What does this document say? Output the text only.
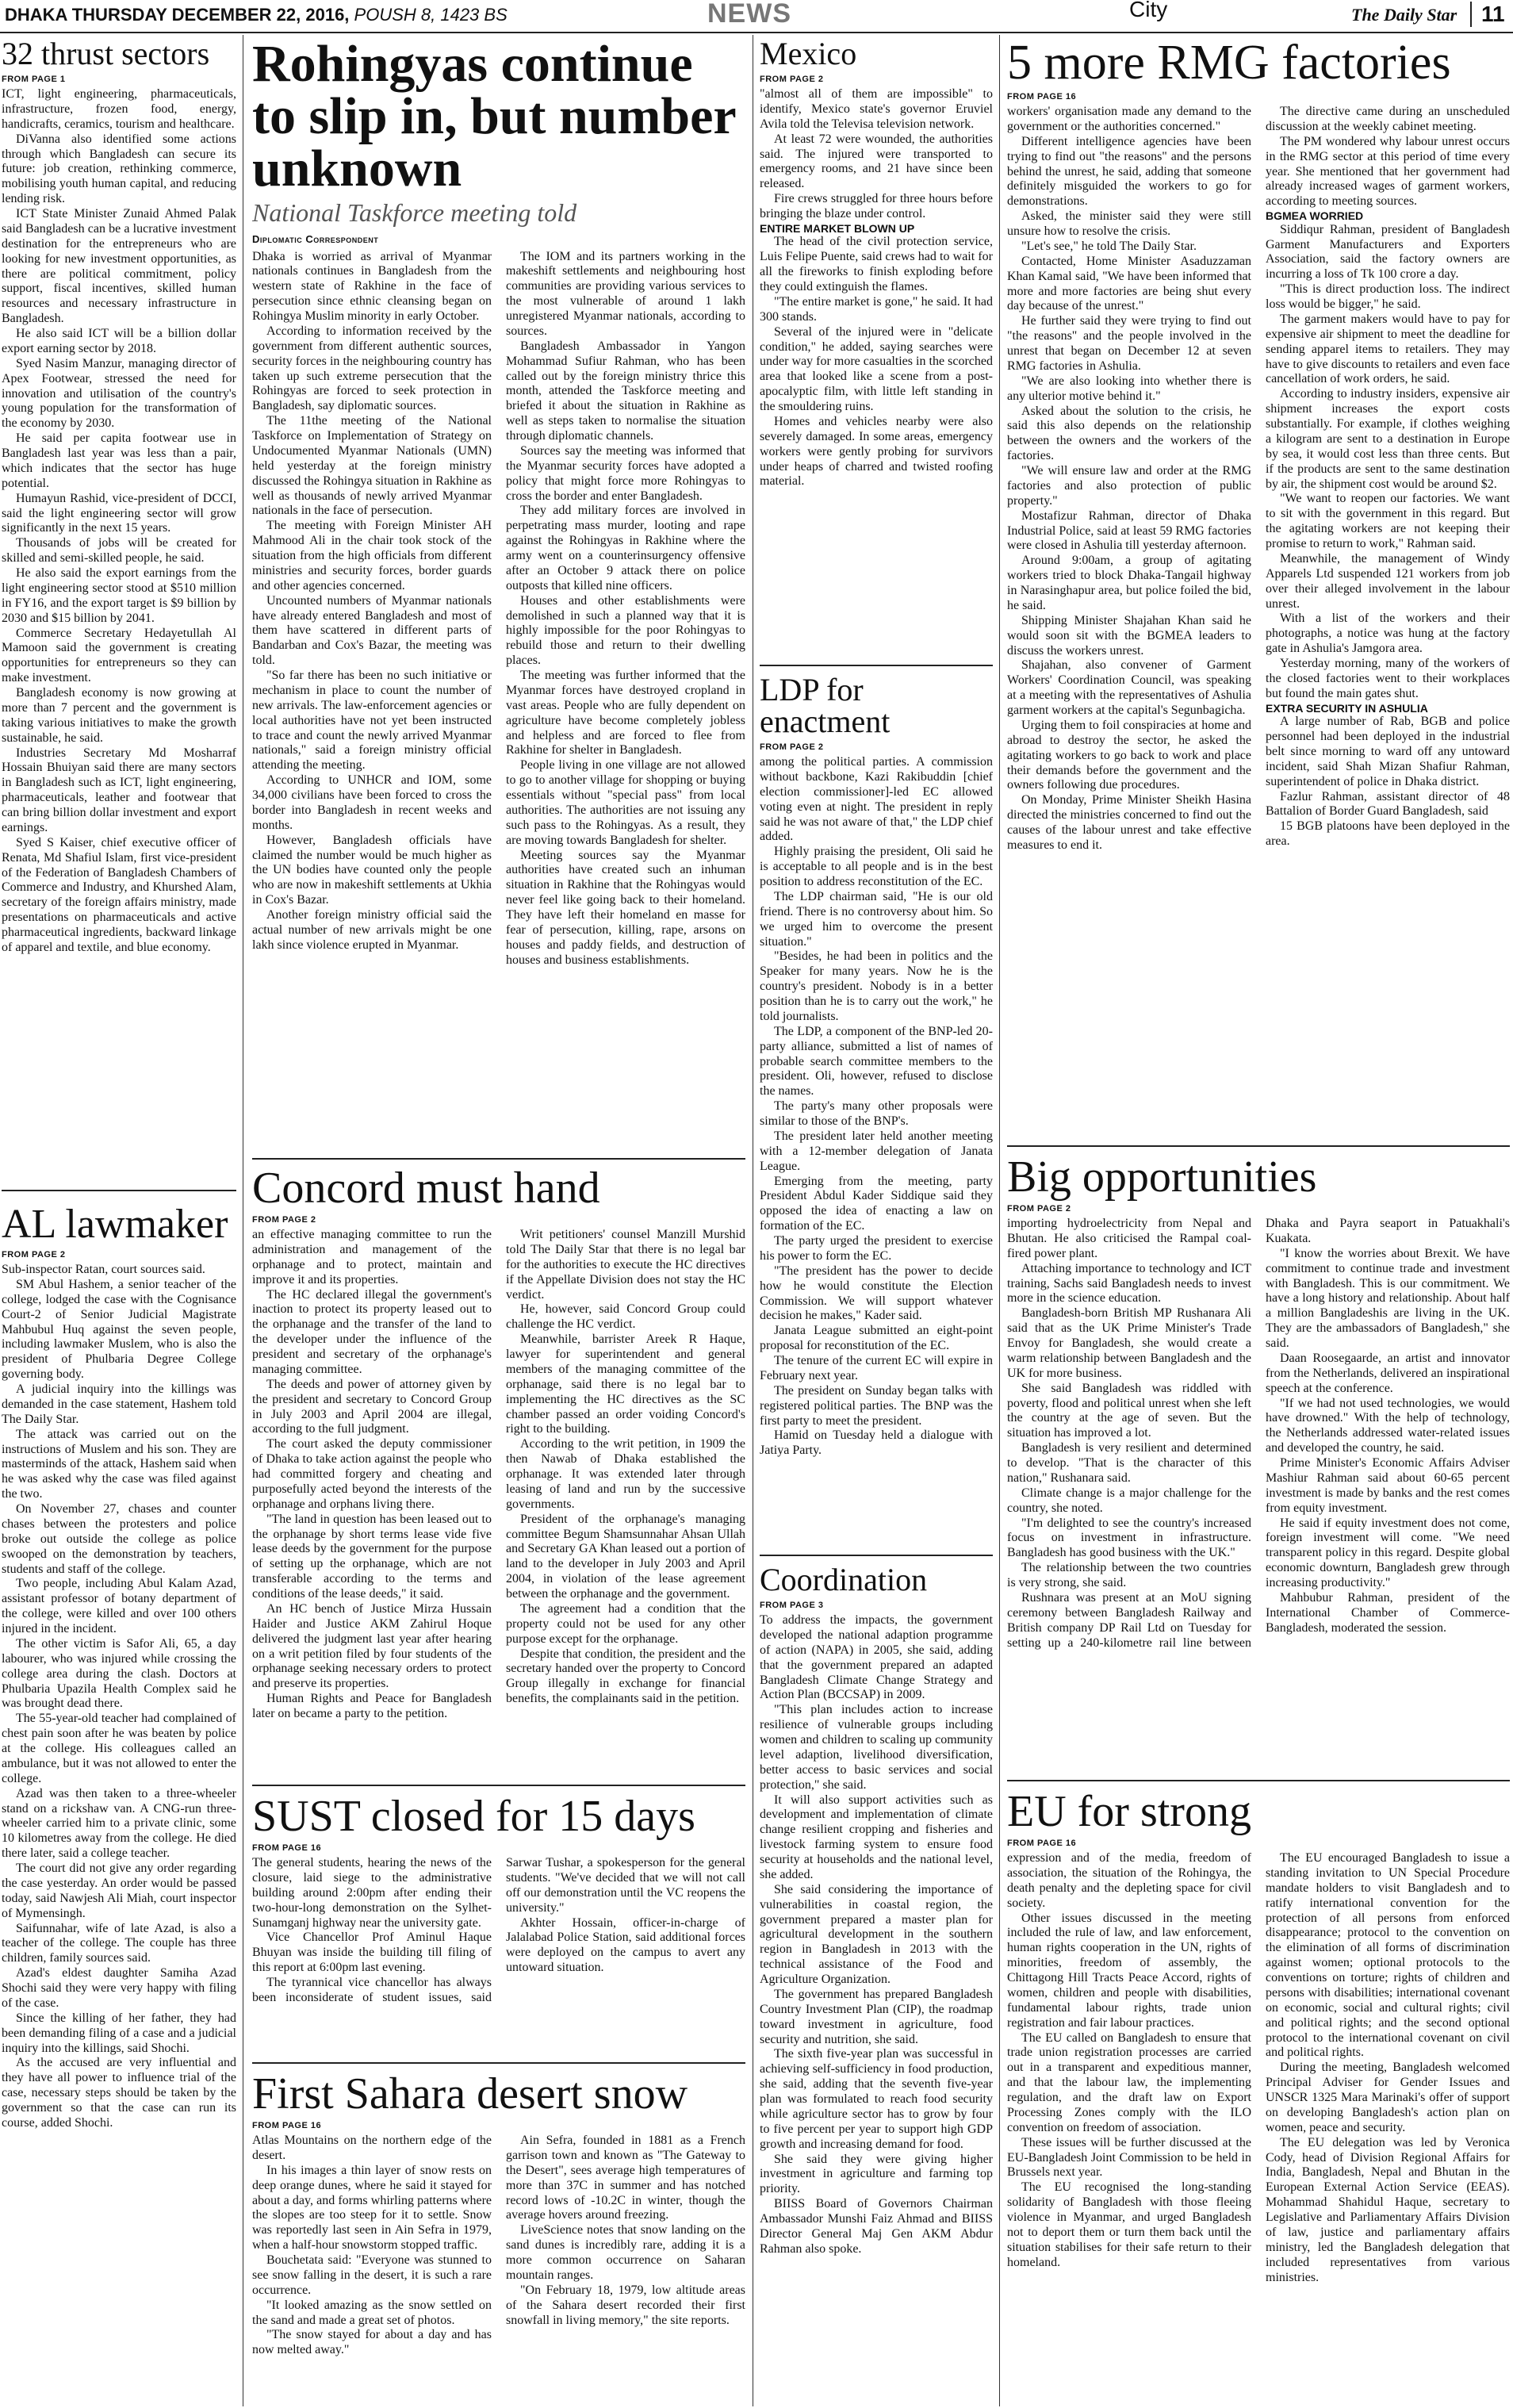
DHAKA THURSDAY DECEMBER 22, 2016, POUSH 8, 1423 BS	NEWS	City	The Daily Star	11
32 thrust sectors
FROM PAGE 1

ICT, light engineering, pharmaceuticals, infrastructure, frozen food, energy, handicrafts, ceramics, tourism and healthcare.

DiVanna also identified some actions through which Bangladesh can secure its future: job creation, rethinking commerce, mobilising youth human capital, and reducing lending risk.

ICT State Minister Zunaid Ahmed Palak said Bangladesh can be a lucrative investment destination for the entrepreneurs who are looking for new investment opportunities, as there are political commitment, policy support, fiscal incentives, skilled human resources and necessary infrastructure in Bangladesh.

He also said ICT will be a billion dollar export earning sector by 2018.

Syed Nasim Manzur, managing director of Apex Footwear, stressed the need for innovation and utilisation of the country's young population for the transformation of the economy by 2030.

He said per capita footwear use in Bangladesh last year was less than a pair, which indicates that the sector has huge potential.

Humayun Rashid, vice-president of DCCI, said the light engineering sector will grow significantly in the next 15 years.

Thousands of jobs will be created for skilled and semi-skilled people, he said.

He also said the export earnings from the light engineering sector stood at $510 million in FY16, and the export target is $9 billion by 2030 and $15 billion by 2041.

Commerce Secretary Hedayetullah Al Mamoon said the government is creating opportunities for entrepreneurs so they can make investment.

Bangladesh economy is now growing at more than 7 percent and the government is taking various initiatives to make the growth sustainable, he said.

Industries Secretary Md Mosharraf Hossain Bhuiyan said there are many sectors in Bangladesh such as ICT, light engineering, pharmaceuticals, leather and footwear that can bring billion dollar investment and export earnings.

Syed S Kaiser, chief executive officer of Renata, Md Shafiul Islam, first vice-president of the Federation of Bangladesh Chambers of Commerce and Industry, and Khurshed Alam, secretary of the foreign affairs ministry, made presentations on pharmaceuticals and active pharmaceutical ingredients, backward linkage of apparel and textile, and blue economy.

AL lawmaker
FROM PAGE 2

Sub-inspector Ratan, court sources said.

SM Abul Hashem, a senior teacher of the college, lodged the case with the Cognisance Court-2 of Senior Judicial Magistrate Mahbubul Huq against the seven people, including lawmaker Muslem, who is also the president of Phulbaria Degree College governing body.

A judicial inquiry into the killings was demanded in the case statement, Hashem told The Daily Star.

The attack was carried out on the instructions of Muslem and his son. They are masterminds of the attack, Hashem said when he was asked why the case was filed against the two.

On November 27, chases and counter chases between the protesters and police broke out outside the college as police swooped on the demonstration by teachers, students and staff of the college.

Two people, including Abul Kalam Azad, assistant professor of botany department of the college, were killed and over 100 others injured in the incident.

The other victim is Safor Ali, 65, a day labourer, who was injured while crossing the college area during the clash. Doctors at Phulbaria Upazila Health Complex said he was brought dead there.

The 55-year-old teacher had complained of chest pain soon after he was beaten by police at the college. His colleagues called an ambulance, but it was not allowed to enter the college.

Azad was then taken to a three-wheeler stand on a rickshaw van. A CNG-run three-wheeler carried him to a private clinic, some 10 kilometres away from the college. He died there later, said a college teacher.

The court did not give any order regarding the case yesterday. An order would be passed today, said Nawjesh Ali Miah, court inspector of Mymensingh.

Saifunnahar, wife of late Azad, is also a teacher of the college. The couple has three children, family sources said.

Azad's eldest daughter Samiha Azad Shochi said they were very happy with filing of the case.

Since the killing of her father, they had been demanding filing of a case and a judicial inquiry into the killings, said Shochi.

As the accused are very influential and they have all power to influence trial of the case, necessary steps should be taken by the government so that the case can run its course, added Shochi.

Rohingyas continue to slip in, but number unknown
National Taskforce meeting told
Diplomatic Correspondent

Dhaka is worried as arrival of Myanmar nationals continues in Bangladesh from the western state of Rakhine in the face of persecution since ethnic cleansing began on Rohingya Muslim minority in early October.

According to information received by the government from different authentic sources, security forces in the neighbouring country has taken up such extreme persecution that the Rohingyas are forced to seek protection in Bangladesh, say diplomatic sources.

The 11the meeting of the National Taskforce on Implementation of Strategy on Undocumented Myanmar Nationals (UMN) held yesterday at the foreign ministry discussed the Rohingya situation in Rakhine as well as thousands of newly arrived Myanmar nationals in the face of persecution.

The meeting with Foreign Minister AH Mahmood Ali in the chair took stock of the situation from the high officials from different ministries and security forces, border guards and other agencies concerned.

Uncounted numbers of Myanmar nationals have already entered Bangladesh and most of them have scattered in different parts of Bandarban and Cox's Bazar, the meeting was told.

"So far there has been no such initiative or mechanism in place to count the number of new arrivals. The law-enforcement agencies or local authorities have not yet been instructed to trace and count the newly arrived Myanmar nationals," said a foreign ministry official attending the meeting.

According to UNHCR and IOM, some 34,000 civilians have been forced to cross the border into Bangladesh in recent weeks and months.

However, Bangladesh officials have claimed the number would be much higher as the UN bodies have counted only the people who are now in makeshift settlements at Ukhia in Cox's Bazar.

Another foreign ministry official said the actual number of new arrivals might be one lakh since violence erupted in Myanmar.

The IOM and its partners working in the makeshift settlements and neighbouring host communities are providing various services to the most vulnerable of around 1 lakh unregistered Myanmar nationals, according to sources.

Bangladesh Ambassador in Yangon Mohammad Sufiur Rahman, who has been called out by the foreign ministry thrice this month, attended the Taskforce meeting and briefed it about the situation in Rakhine as well as steps taken to normalise the situation through diplomatic channels.

Sources say the meeting was informed that the Myanmar security forces have adopted a policy that might force more Rohingyas to cross the border and enter Bangladesh.

They add military forces are involved in perpetrating mass murder, looting and rape against the Rohingyas in Rakhine where the army went on a counterinsurgency offensive after an October 9 attack there on police outposts that killed nine officers.

Houses and other establishments were demolished in such a planned way that it is highly impossible for the poor Rohingyas to rebuild those and return to their dwelling places.

The meeting was further informed that the Myanmar forces have destroyed cropland in vast areas. People who are fully dependent on agriculture have become completely jobless and helpless and are forced to flee from Rakhine for shelter in Bangladesh.

People living in one village are not allowed to go to another village for shopping or buying essentials without "special pass" from local authorities. The authorities are not issuing any such pass to the Rohingyas. As a result, they are moving towards Bangladesh for shelter.

Meeting sources say the Myanmar authorities have created such an inhuman situation in Rakhine that the Rohingyas would never feel like going back to their homeland. They have left their homeland en masse for fear of persecution, killing, rape, arsons on houses and paddy fields, and destruction of houses and business establishments.

Concord must hand
FROM PAGE 2

an effective managing committee to run the administration and management of the orphanage and to protect, maintain and improve it and its properties.

The HC declared illegal the government's inaction to protect its property leased out to the orphanage and the transfer of the land to the developer under the influence of the president and secretary of the orphanage's managing committee.

The deeds and power of attorney given by the president and secretary to Concord Group in July 2003 and April 2004 are illegal, according to the full judgment.

The court asked the deputy commissioner of Dhaka to take action against the people who had committed forgery and cheating and purposefully acted beyond the interests of the orphanage and orphans living there.

"The land in question has been leased out to the orphanage by short terms lease vide five lease deeds by the government for the purpose of setting up the orphanage, which are not transferable according to the terms and conditions of the lease deeds," it said.

An HC bench of Justice Mirza Hussain Haider and Justice AKM Zahirul Hoque delivered the judgment last year after hearing on a writ petition filed by four students of the orphanage seeking necessary orders to protect and preserve its properties.

Human Rights and Peace for Bangladesh later on became a party to the petition.

Writ petitioners' counsel Manzill Murshid told The Daily Star that there is no legal bar for the authorities to execute the HC directives if the Appellate Division does not stay the HC verdict.

He, however, said Concord Group could challenge the HC verdict.

Meanwhile, barrister Areek R Haque, lawyer for superintendent and general members of the managing committee of the orphanage, said there is no legal bar to implementing the HC directives as the SC chamber passed an order voiding Concord's right to the building.

According to the writ petition, in 1909 the then Nawab of Dhaka established the orphanage. It was extended later through leasing of land and run by the successive governments.

President of the orphanage's managing committee Begum Shamsunnahar Ahsan Ullah and Secretary GA Khan leased out a portion of land to the developer in July 2003 and April 2004, in violation of the lease agreement between the orphanage and the government.

The agreement had a condition that the property could not be used for any other purpose except for the orphanage.

Despite that condition, the president and the secretary handed over the property to Concord Group illegally in exchange for financial benefits, the complainants said in the petition.

SUST closed for 15 days
FROM PAGE 16

The general students, hearing the news of the closure, laid siege to the administrative building around 2:00pm after ending their two-hour-long demonstration on the Sylhet-Sunamganj highway near the university gate.

Vice Chancellor Prof Aminul Haque Bhuyan was inside the building till filing of this report at 6:00pm last evening.

The tyrannical vice chancellor has always been inconsiderate of student issues, said Sarwar Tushar, a spokesperson for the general students. "We've decided that we will not call off our demonstration until the VC reopens the university."

Akhter Hossain, officer-in-charge of Jalalabad Police Station, said additional forces were deployed on the campus to avert any untoward situation.

First Sahara desert snow
FROM PAGE 16

Atlas Mountains on the northern edge of the desert.

In his images a thin layer of snow rests on deep orange dunes, where he said it stayed for about a day, and forms whirling patterns where the slopes are too steep for it to settle. Snow was reportedly last seen in Ain Sefra in 1979, when a half-hour snowstorm stopped traffic.

Bouchetata said: "Everyone was stunned to see snow falling in the desert, it is such a rare occurrence.

"It looked amazing as the snow settled on the sand and made a great set of photos.

"The snow stayed for about a day and has now melted away."

Ain Sefra, founded in 1881 as a French garrison town and known as "The Gateway to the Desert", sees average high temperatures of more than 37C in summer and has notched record lows of -10.2C in winter, though the average hovers around freezing.

LiveScience notes that snow landing on the sand dunes is incredibly rare, adding it is a more common occurrence on Saharan mountain ranges.

"On February 18, 1979, low altitude areas of the Sahara desert recorded their first snowfall in living memory," the site reports.

Mexico
FROM PAGE 2

"almost all of them are impossible" to identify, Mexico state's governor Eruviel Avila told the Televisa television network.

At least 72 were wounded, the authorities said. The injured were transported to emergency rooms, and 21 have since been released.

Fire crews struggled for three hours before bringing the blaze under control.

ENTIRE MARKET BLOWN UP

The head of the civil protection service, Luis Felipe Puente, said crews had to wait for all the fireworks to finish exploding before they could extinguish the flames.

"The entire market is gone," he said. It had 300 stands.

Several of the injured were in "delicate condition," he added, saying searches were under way for more casualties in the scorched area that looked like a scene from a post-apocalyptic film, with little left standing in the smouldering ruins.

Homes and vehicles nearby were also severely damaged. In some areas, emergency workers were gently probing for survivors under heaps of charred and twisted roofing material.

LDP for enactment
FROM PAGE 2

among the political parties. A commission without backbone, Kazi Rakibuddin [chief election commissioner]-led EC allowed voting even at night. The president in reply said he was not aware of that," the LDP chief added.

Highly praising the president, Oli said he is acceptable to all people and is in the best position to address reconstitution of the EC.

The LDP chairman said, "He is our old friend. There is no controversy about him. So we urged him to overcome the present situation."

"Besides, he had been in politics and the Speaker for many years. Now he is the country's president. Nobody is in a better position than he is to carry out the work," he told journalists.

The LDP, a component of the BNP-led 20-party alliance, submitted a list of names of probable search committee members to the president. Oli, however, refused to disclose the names.

The party's many other proposals were similar to those of the BNP's.

The president later held another meeting with a 12-member delegation of Janata League.

Emerging from the meeting, party President Abdul Kader Siddique said they opposed the idea of enacting a law on formation of the EC.

The party urged the president to exercise his power to form the EC.

"The president has the power to decide how he would constitute the Election Commission. We will support whatever decision he makes," Kader said.

Janata League submitted an eight-point proposal for reconstitution of the EC.

The tenure of the current EC will expire in February next year.

The president on Sunday began talks with registered political parties. The BNP was the first party to meet the president.

Hamid on Tuesday held a dialogue with Jatiya Party.

Coordination
FROM PAGE 3

To address the impacts, the government developed the national adaption programme of action (NAPA) in 2005, she said, adding that the government prepared an adapted Bangladesh Climate Change Strategy and Action Plan (BCCSAP) in 2009.

"This plan includes action to increase resilience of vulnerable groups including women and children to scaling up community level adaption, livelihood diversification, better access to basic services and social protection," she said.

It will also support activities such as development and implementation of climate change resilient cropping and fisheries and livestock farming system to ensure food security at households and the national level, she added.

She said considering the importance of vulnerabilities in coastal region, the government prepared a master plan for agricultural development in the southern region in Bangladesh in 2013 with the technical assistance of the Food and Agriculture Organization.

The government has prepared Bangladesh Country Investment Plan (CIP), the roadmap toward investment in agriculture, food security and nutrition, she said.

The sixth five-year plan was successful in achieving self-sufficiency in food production, she said, adding that the seventh five-year plan was formulated to reach food security while agriculture sector has to grow by four to five percent per year to support high GDP growth and increasing demand for food.

She said they were giving higher investment in agriculture and farming top priority.

BIISS Board of Governors Chairman Ambassador Munshi Faiz Ahmad and BIISS Director General Maj Gen AKM Abdur Rahman also spoke.

5 more RMG factories
FROM PAGE 16

workers' organisation made any demand to the government or the authorities concerned."

Different intelligence agencies have been trying to find out "the reasons" and the persons behind the unrest, he said, adding that someone definitely misguided the workers to go for demonstrations.

Asked, the minister said they were still unsure how to resolve the crisis.

"Let's see," he told The Daily Star.

Contacted, Home Minister Asaduzzaman Khan Kamal said, "We have been informed that more and more factories are being shut every day because of the unrest."

He further said they were trying to find out "the reasons" and the people involved in the unrest that began on December 12 at seven RMG factories in Ashulia.

"We are also looking into whether there is any ulterior motive behind it."

Asked about the solution to the crisis, he said this also depends on the relationship between the owners and the workers of the factories.

"We will ensure law and order at the RMG factories and also protection of public property."

Mostafizur Rahman, director of Dhaka Industrial Police, said at least 59 RMG factories were closed in Ashulia till yesterday afternoon.

Around 9:00am, a group of agitating workers tried to block Dhaka-Tangail highway in Narasinghapur area, but police foiled the bid, he said.

Shipping Minister Shajahan Khan said he would soon sit with the BGMEA leaders to discuss the workers unrest.

Shajahan, also convener of Garment Workers' Coordination Council, was speaking at a meeting with the representatives of Ashulia garment workers at the capital's Segunbagicha.

Urging them to foil conspiracies at home and abroad to destroy the sector, he asked the agitating workers to go back to work and place their demands before the government and the owners following due procedures.

On Monday, Prime Minister Sheikh Hasina directed the ministries concerned to find out the causes of the labour unrest and take effective measures to end it.

The directive came during an unscheduled discussion at the weekly cabinet meeting.

The PM wondered why labour unrest occurs in the RMG sector at this period of time every year. She mentioned that her government had already increased wages of garment workers, according to meeting sources.

BGMEA WORRIED

Siddiqur Rahman, president of Bangladesh Garment Manufacturers and Exporters Association, said the factory owners are incurring a loss of Tk 100 crore a day.

"This is direct production loss. The indirect loss would be bigger," he said.

The garment makers would have to pay for expensive air shipment to meet the deadline for sending apparel items to retailers. They may have to give discounts to retailers and even face cancellation of work orders, he said.

According to industry insiders, expensive air shipment increases the export costs substantially. For example, if clothes weighing a kilogram are sent to a destination in Europe by sea, it would cost less than three cents. But if the products are sent to the same destination by air, the shipment cost would be around $2.

"We want to reopen our factories. We want to sit with the government in this regard. But the agitating workers are not keeping their promise to return to work," Rahman said.

Meanwhile, the management of Windy Apparels Ltd suspended 121 workers from job over their alleged involvement in the labour unrest.

With a list of the workers and their photographs, a notice was hung at the factory gate in Ashulia's Jamgora area.

Yesterday morning, many of the workers of the closed factories went to their workplaces but found the main gates shut.

EXTRA SECURITY IN ASHULIA

A large number of Rab, BGB and police personnel had been deployed in the industrial belt since morning to ward off any untoward incident, said Shah Mizan Shafiur Rahman, superintendent of police in Dhaka district.

Fazlur Rahman, assistant director of 48 Battalion of Border Guard Bangladesh, said

15 BGB platoons have been deployed in the area.

Big opportunities
FROM PAGE 2

importing hydroelectricity from Nepal and Bhutan. He also criticised the Rampal coal-fired power plant.

Attaching importance to technology and ICT training, Sachs said Bangladesh needs to invest more in the science education.

Bangladesh-born British MP Rushanara Ali said that as the UK Prime Minister's Trade Envoy for Bangladesh, she would create a warm relationship between Bangladesh and the UK for more business.

She said Bangladesh was riddled with poverty, flood and political unrest when she left the country at the age of seven. But the situation has improved a lot.

Bangladesh is very resilient and determined to develop. "That is the character of this nation," Rushanara said.

Climate change is a major challenge for the country, she noted.

"I'm delighted to see the country's increased focus on investment in infrastructure. Bangladesh has good business with the UK."

The relationship between the two countries is very strong, she said.

Rushnara was present at an MoU signing ceremony between Bangladesh Railway and British company DP Rail Ltd on Tuesday for setting up a 240-kilometre rail line between Dhaka and Payra seaport in Patuakhali's Kuakata.

"I know the worries about Brexit. We have commitment to continue trade and investment with Bangladesh. This is our commitment. We have a long history and relationship. About half a million Bangladeshis are living in the UK. They are the ambassadors of Bangladesh," she said.

Daan Roosegaarde, an artist and innovator from the Netherlands, delivered an inspirational speech at the conference.

"If we had not used technologies, we would have drowned." With the help of technology, the Netherlands addressed water-related issues and developed the country, he said.

Prime Minister's Economic Affairs Adviser Mashiur Rahman said about 60-65 percent investment is made by banks and the rest comes from equity investment.

He said if equity investment does not come, foreign investment will come. "We need transparent policy in this regard. Despite global economic downturn, Bangladesh grew through increasing productivity."

Mahbubur Rahman, president of the International Chamber of Commerce-Bangladesh, moderated the session.

EU for strong
FROM PAGE 16

expression and of the media, freedom of association, the situation of the Rohingya, the death penalty and the depleting space for civil society.

Other issues discussed in the meeting included the rule of law, and law enforcement, human rights cooperation in the UN, rights of minorities, freedom of assembly, the Chittagong Hill Tracts Peace Accord, rights of women, children and people with disabilities, fundamental labour rights, trade union registration and fair labour practices.

The EU called on Bangladesh to ensure that trade union registration processes are carried out in a transparent and expeditious manner, and that the labour law, the implementing regulation, and the draft law on Export Processing Zones comply with the ILO convention on freedom of association.

These issues will be further discussed at the EU-Bangladesh Joint Commission to be held in Brussels next year.

The EU recognised the long-standing solidarity of Bangladesh with those fleeing violence in Myanmar, and urged Bangladesh not to deport them or turn them back until the situation stabilises for their safe return to their homeland.

The EU encouraged Bangladesh to issue a standing invitation to UN Special Procedure mandate holders to visit Bangladesh and to ratify international convention for the protection of all persons from enforced disappearance; protocol to the convention on the elimination of all forms of discrimination against women; optional protocols to the conventions on torture; rights of children and persons with disabilities; international covenant on economic, social and cultural rights; civil and political rights; and the second optional protocol to the international covenant on civil and political rights.

During the meeting, Bangladesh welcomed Principal Adviser for Gender Issues and UNSCR 1325 Mara Marinaki's offer of support on developing Bangladesh's action plan on women, peace and security.

The EU delegation was led by Veronica Cody, head of Division Regional Affairs for India, Bangladesh, Nepal and Bhutan in the European External Action Service (EEAS). Mohammad Shahidul Haque, secretary to Legislative and Parliamentary Affairs Division of law, justice and parliamentary affairs ministry, led the Bangladesh delegation that included representatives from various ministries.
